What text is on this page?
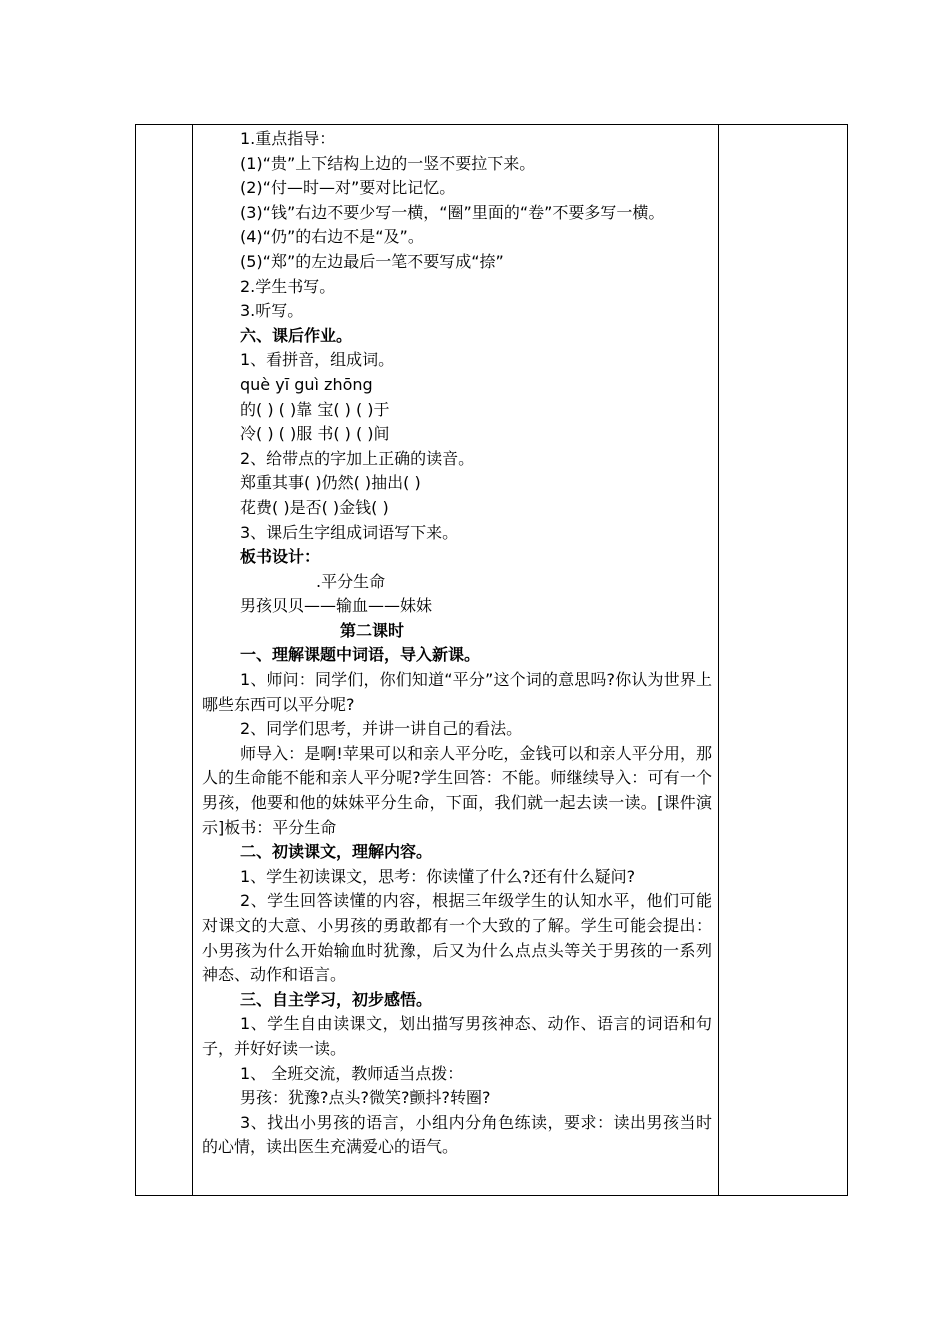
1.重点指导：

(1)“贵”上下结构上边的一竖不要拉下来。

(2)“付—时—对”要对比记忆。

(3)“钱”右边不要少写一横，“圈”里面的“卷”不要多写一横。

(4)“仍”的右边不是“及”。

(5)“郑”的左边最后一笔不要写成“捺”

2.学生书写。

3.听写。

六、课后作业。

1、看拼音，组成词。

què yī guì zhōng

的( ) ( )靠 宝( ) ( )于

冷( ) ( )服 书( ) ( )间

2、给带点的字加上正确的读音。

郑重其事( )仍然( )抽出( )

花费( )是否( )金钱( )

3、课后生字组成词语写下来。

板书设计：

.平分生命

男孩贝贝——输血——妹妹

第二课时

一、理解课题中词语，导入新课。

1、师问：同学们，你们知道“平分”这个词的意思吗?你认为世界上哪些东西可以平分呢?

2、同学们思考，并讲一讲自己的看法。

师导入：是啊!苹果可以和亲人平分吃，金钱可以和亲人平分用，那人的生命能不能和亲人平分呢?学生回答：不能。师继续导入：可有一个男孩，他要和他的妹妹平分生命，下面，我们就一起去读一读。[课件演示]板书：平分生命

二、初读课文，理解内容。

1、学生初读课文，思考：你读懂了什么?还有什么疑问?

2、学生回答读懂的内容，根据三年级学生的认知水平，他们可能对课文的大意、小男孩的勇敢都有一个大致的了解。学生可能会提出：小男孩为什么开始输血时犹豫，后又为什么点点头等关于男孩的一系列神态、动作和语言。

三、自主学习，初步感悟。

1、学生自由读课文，划出描写男孩神态、动作、语言的词语和句子，并好好读一读。

1、 全班交流，教师适当点拨：

男孩：犹豫?点头?微笑?颤抖?转圈?

3、找出小男孩的语言，小组内分角色练读，要求：读出男孩当时的心情，读出医生充满爱心的语气。
